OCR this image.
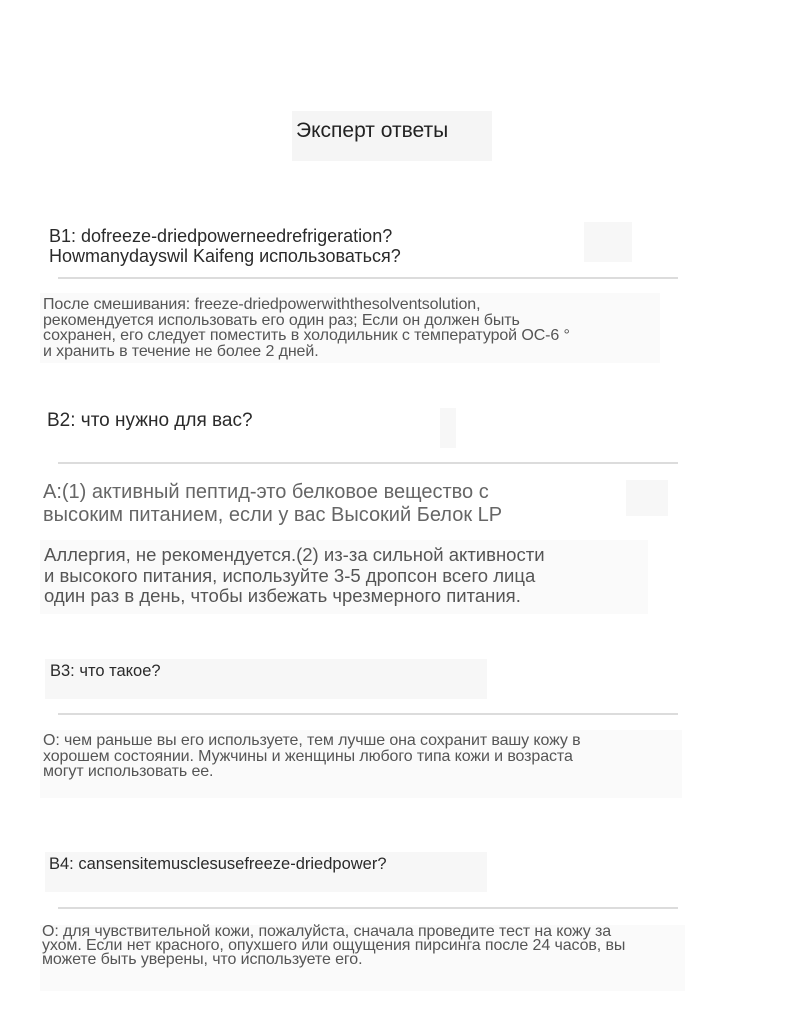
Эксперт ответы

B1: dofreeze-driedpowerneedrefrigeration?

Howmanydayswil Kaifeng использоваться?

После смешивания: freeze-driedpowerwiththesolventsolution,

рекомендуется использовать его один раз; Если он должен быть

сохранен, его следует поместить в холодильник с температурой OC-6 °

и хранить в течение не более 2 дней.

B2: что нужно для вас?

A:(1) активный пептид-это белковое вещество с

высоким питанием, если у вас Высокий Белок LP

Аллергия, не рекомендуется.(2) из-за сильной активности

и высокого питания, используйте 3-5 дропсон всего лица

один раз в день, чтобы избежать чрезмерного питания.

B3: что такое?

O: чем раньше вы его используете, тем лучше она сохранит вашу кожу в

хорошем состоянии. Мужчины и женщины любого типа кожи и возраста

могут использовать ее.

B4: cansensitemusclesusefreeze-driedpower?

O: для чувствительной кожи, пожалуйста, сначала проведите тест на кожу за

ухом. Если нет красного, опухшего или ощущения пирсинга после 24 часов, вы

можете быть уверены, что используете его.
